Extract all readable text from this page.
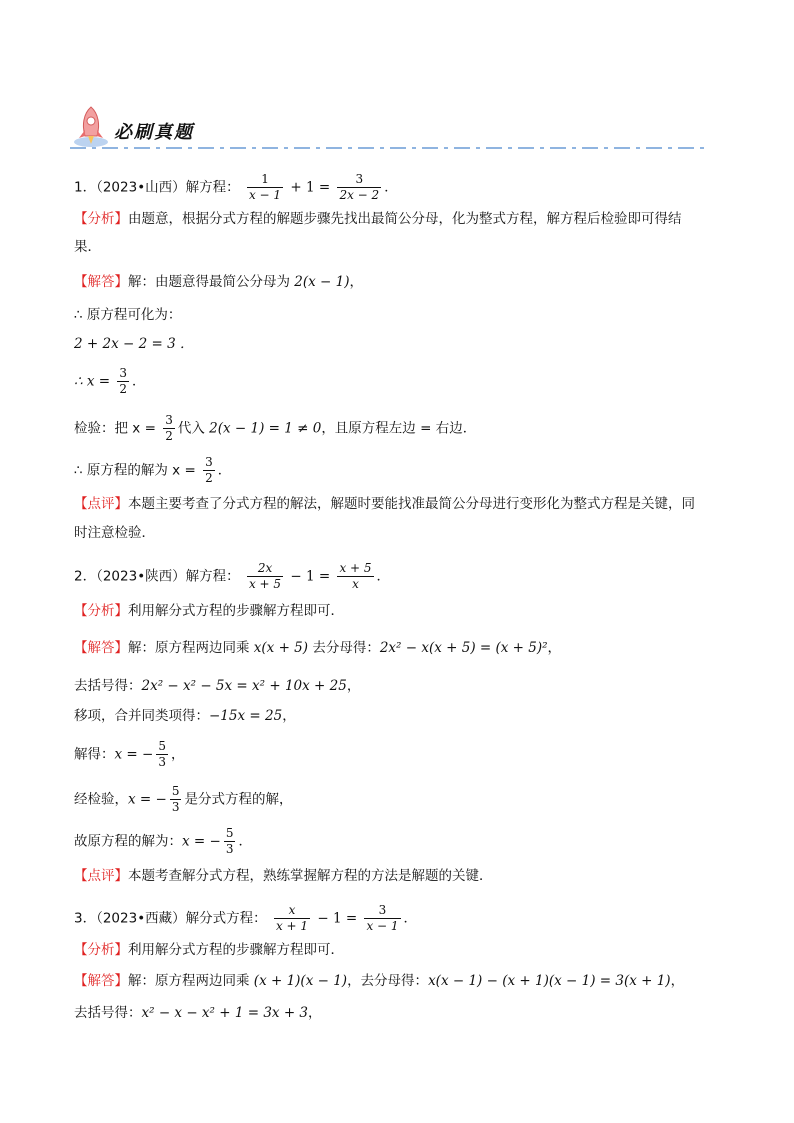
必刷真题
1．（2023•山西）解方程： $\frac{1}{x - 1} + 1 = \frac{3}{2x - 2}$ ．
【分析】由题意，根据分式方程的解题步骤先找出最简公分母，化为整式方程，解方程后检验即可得结
果．
【解答】解：由题意得最简公分母为 2(x − 1)，
∴ 原方程可化为：
2 + 2x − 2 = 3 ．
∴ $x = \frac{3}{2}$ ．
检验：把 $x = \frac{3}{2}$ 代入 2(x − 1) = 1 ≠ 0，且原方程左边 = 右边．
∴ 原方程的解为 $x = \frac{3}{2}$ ．
【点评】本题主要考查了分式方程的解法，解题时要能找准最简公分母进行变形化为整式方程是关键，同
时注意检验．
2．（2023•陕西）解方程： $\frac{2x}{x + 5} - 1 = \frac{x + 5}{x}$ ．
【分析】利用解分式方程的步骤解方程即可．
【解答】解：原方程两边同乘 x(x + 5) 去分母得：2x² − x(x + 5) = (x + 5)²，
去括号得：2x² − x² − 5x = x² + 10x + 25，
移项，合并同类项得：−15x = 25，
解得：x = − $\frac{5}{3}$ ，
经检验，x = − $\frac{5}{3}$ 是分式方程的解，
故原方程的解为：x = − $\frac{5}{3}$ ．
【点评】本题考查解分式方程，熟练掌握解方程的方法是解题的关键．
3．（2023•西藏）解分式方程： $\frac{x}{x + 1} - 1 = \frac{3}{x - 1}$ ．
【分析】利用解分式方程的步骤解方程即可．
【解答】解：原方程两边同乘 (x + 1)(x − 1)，去分母得：x(x − 1) − (x + 1)(x − 1) = 3(x + 1)，
去括号得：x² − x − x² + 1 = 3x + 3，
